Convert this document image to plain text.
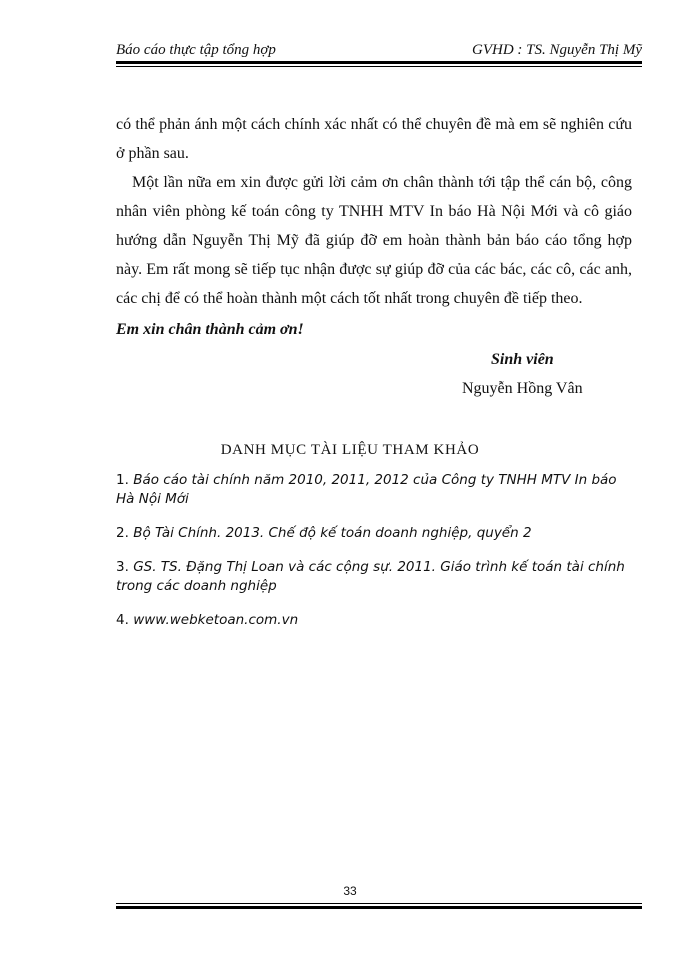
Báo cáo thực tập tổng hợp	GVHD : TS. Nguyễn Thị Mỹ

có thể phản ánh một cách chính xác nhất có thể chuyên đề mà em sẽ nghiên cứu ở phần sau.

Một lần nữa em xin được gửi lời cảm ơn chân thành tới tập thể cán bộ, công nhân viên phòng kế toán công ty TNHH MTV In báo Hà Nội Mới và cô giáo hướng dẫn Nguyễn Thị Mỹ đã giúp đỡ em hoàn thành bản báo cáo tổng hợp này. Em rất mong sẽ tiếp tục nhận được sự giúp đỡ của các bác, các cô, các anh, các chị để có thể hoàn thành một cách tốt nhất trong chuyên đề tiếp theo.

Em xin chân thành cảm ơn!

Sinh viên

Nguyễn Hồng Vân

DANH MỤC TÀI LIỆU THAM KHẢO

1. Báo cáo tài chính năm 2010, 2011, 2012 của Công ty TNHH MTV In báo Hà Nội Mới

2. Bộ Tài Chính. 2013. Chế độ kế toán doanh nghiệp, quyển 2

3. GS. TS. Đặng Thị Loan và các cộng sự. 2011. Giáo trình kế toán tài chính trong các doanh nghiệp

4. www.webketoan.com.vn

33
